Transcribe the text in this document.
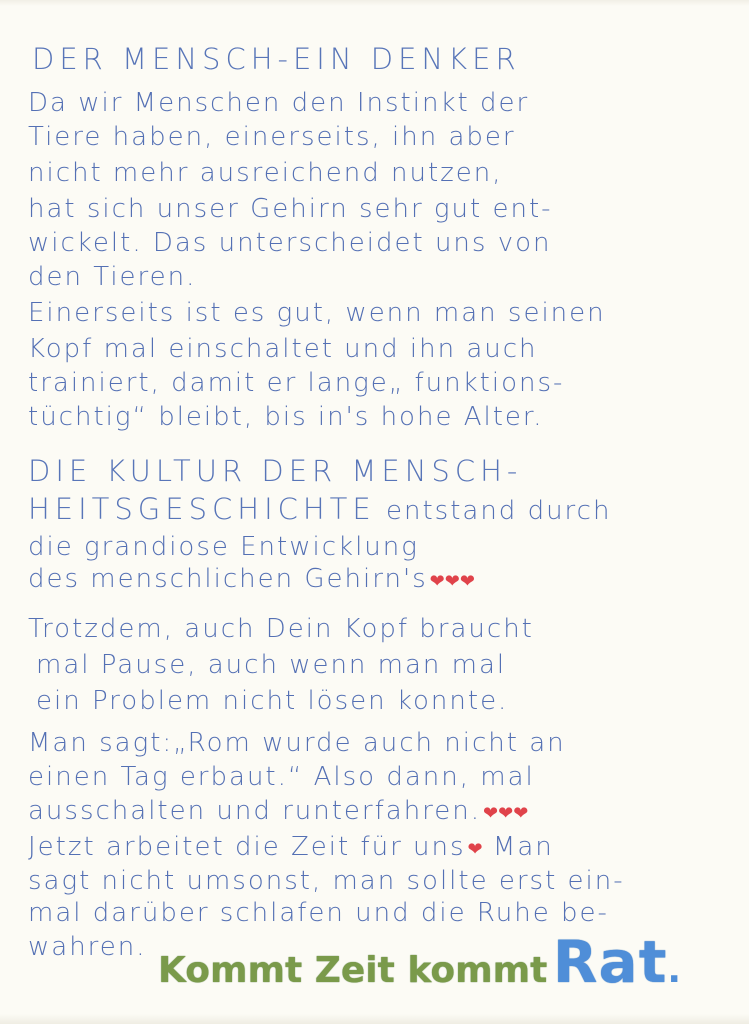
DER MENSCH-EIN DENKER
Da wir Menschen den Instinkt der
Tiere haben, einerseits, ihn aber
nicht mehr ausreichend nutzen,
hat sich unser Gehirn sehr gut ent-
wickelt. Das unterscheidet uns von
den Tieren.
Einerseits ist es gut, wenn man seinen
Kopf mal einschaltet und ihn auch
trainiert, damit er lange„ funktions-
tüchtig“ bleibt, bis in's hohe Alter.
DIE KULTUR DER MENSCH-
HEITSGESCHICHTE entstand durch
die grandiose Entwicklung
des menschlichen Gehirn's ❤❤❤
Trotzdem, auch Dein Kopf braucht
mal Pause, auch wenn man mal
ein Problem nicht lösen konnte.
Man sagt:„Rom wurde auch nicht an
einen Tag erbaut.“ Also dann, mal
ausschalten und runterfahren. ❤❤❤
Jetzt arbeitet die Zeit für uns ❤ Man
sagt nicht umsonst, man sollte erst ein-
mal darüber schlafen und die Ruhe be-
wahren.
Kommt Zeit kommt Rat.
